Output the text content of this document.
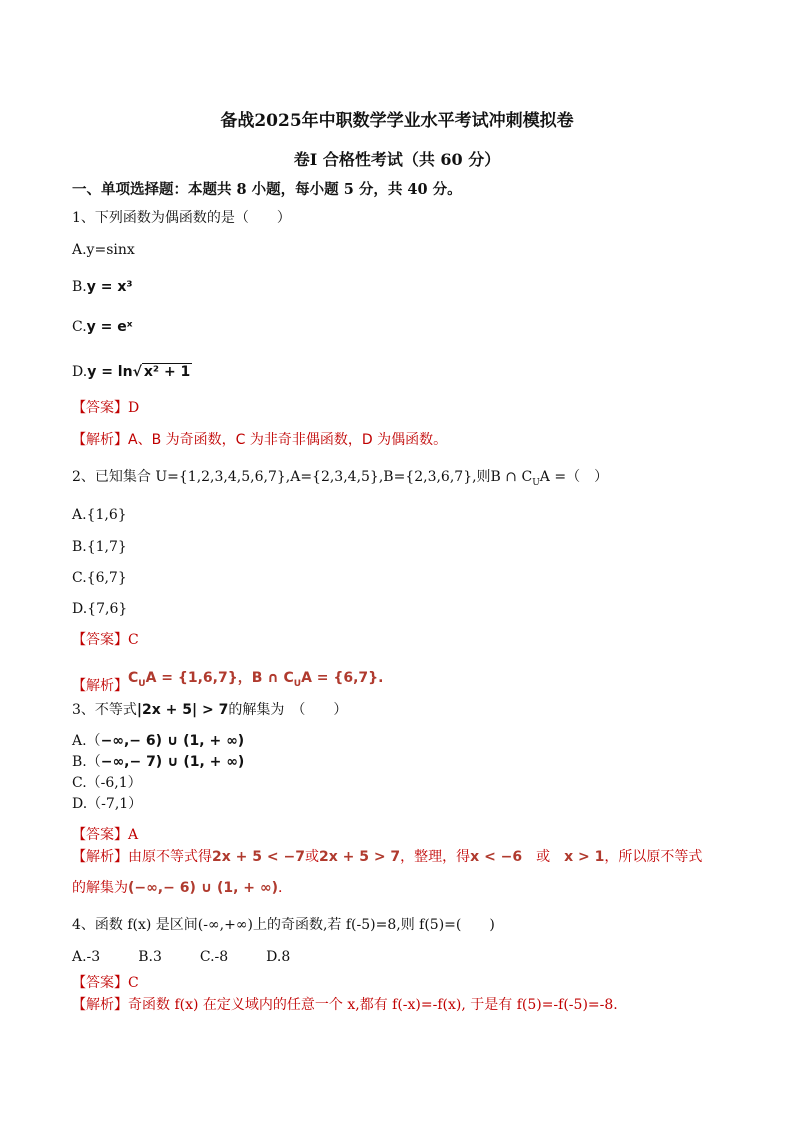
备战2025年中职数学学业水平考试冲刺模拟卷
卷Ⅰ 合格性考试（共 60 分）
一、单项选择题：本题共 8 小题，每小题 5 分，共 40 分。
1、下列函数为偶函数的是（　　）
A.y=sinx
B.y = x³
C.y = eˣ
D.y = ln√ x² + 1
【答案】D
【解析】A、B 为奇函数，C 为非奇非偶函数，D 为偶函数。
2、已知集合 U={1,2,3,4,5,6,7},A={2,3,4,5},B={2,3,6,7},则B ∩ $C_UA$ =（　）
A.{1,6}
B.{1,7}
C.{6,7}
D.{7,6}
【答案】C
【解析】$C_UA = \{1,6,7\}$，B ∩ $C_UA = \{6,7\}$.
3、不等式|2x + 5| > 7的解集为　（　　）
A.（−∞,− 6) ∪ (1, + ∞)
B.（−∞,− 7) ∪ (1, + ∞)
C.（-6,1）
D.（-7,1）
【答案】A
【解析】由原不等式得2x + 5 < −7或2x + 5 > 7，整理，得x < −6　或　x > 1，所以原不等式
的解集为(−∞,− 6) ∪ (1, + ∞).
4、函数 f(x) 是区间(-∞,+∞)上的奇函数,若 f(-5)=8,则 f(5)=(　　)
A.-3	B.3	C.-8	D.8
【答案】C
【解析】奇函数 f(x) 在定义域内的任意一个 x,都有 f(-x)=-f(x), 于是有 f(5)=-f(-5)=-8.
